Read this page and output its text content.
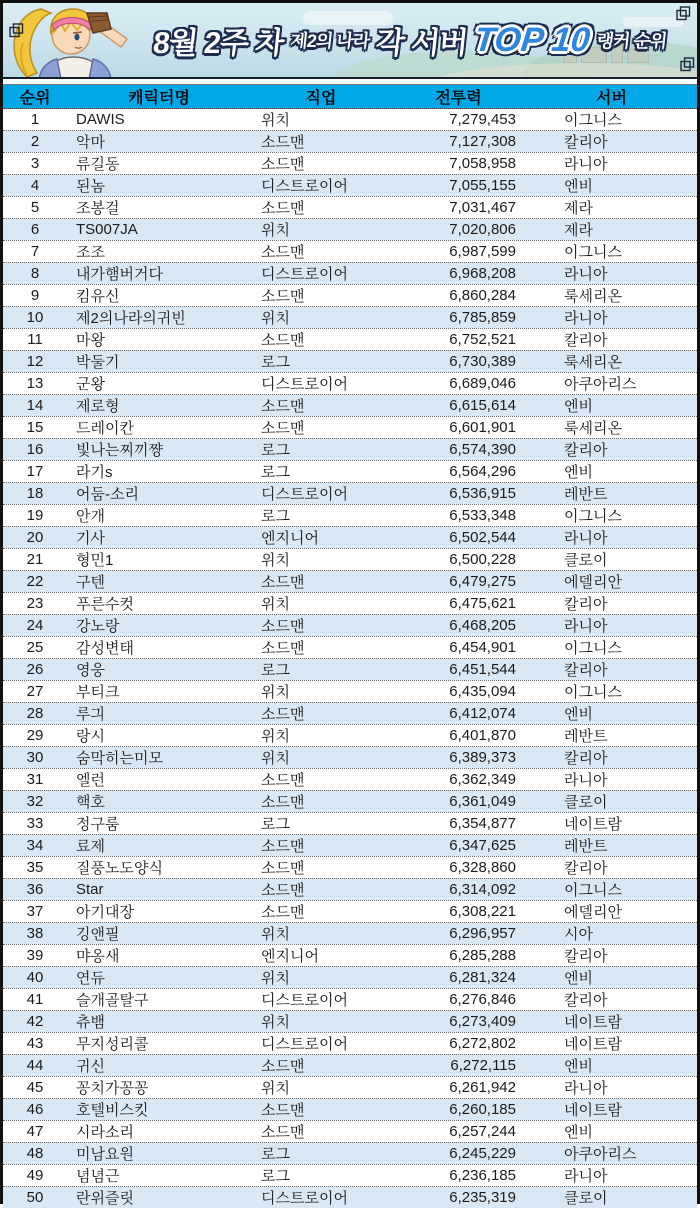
8월 2주 차 제2의 나라 각 서버 TOP 10 랭커 순위
순위	캐릭터명	직업	전투력	서버
1	DAWIS	위치	7,279,453	이그니스
2	악마	소드맨	7,127,308	칼리아
3	류길동	소드맨	7,058,958	라니아
4	된놈	디스트로이어	7,055,155	엔비
5	조봉걸	소드맨	7,031,467	제라
6	TS007JA	위치	7,020,806	제라
7	조조	소드맨	6,987,599	이그니스
8	내가햄버거다	디스트로이어	6,968,208	라니아
9	킴유신	소드맨	6,860,284	룩세리온
10	제2의나라의귀빈	위치	6,785,859	라니아
11	마왕	소드맨	6,752,521	칼리아
12	박둘기	로그	6,730,389	룩세리온
13	군왕	디스트로이어	6,689,046	아쿠아리스
14	제로형	소드맨	6,615,614	엔비
15	드레이칸	소드맨	6,601,901	룩세리온
16	빛나는찌끼쨩	로그	6,574,390	칼리아
17	라기s	로그	6,564,296	엔비
18	어둠-소리	디스트로이어	6,536,915	레반트
19	안개	로그	6,533,348	이그니스
20	기사	엔지니어	6,502,544	라니아
21	형민1	위치	6,500,228	클로이
22	구텐	소드맨	6,479,275	에델리안
23	푸른수컷	위치	6,475,621	칼리아
24	강노랑	소드맨	6,468,205	라니아
25	감성변태	소드맨	6,454,901	이그니스
26	영웅	로그	6,451,544	칼리아
27	부티크	위치	6,435,094	이그니스
28	루긔	소드맨	6,412,074	엔비
29	랑시	위치	6,401,870	레반트
30	숨막히는미모	위치	6,389,373	칼리아
31	엘런	소드맨	6,362,349	라니아
32	핵호	소드맨	6,361,049	클로이
33	정구룸	로그	6,354,877	네이트람
34	료제	소드맨	6,347,625	레반트
35	질풍노도양식	소드맨	6,328,860	칼리아
36	Star	소드맨	6,314,092	이그니스
37	아기대장	소드맨	6,308,221	에델리안
38	깅앤필	위치	6,296,957	시아
39	먀옹새	엔지니어	6,285,288	칼리아
40	연듀	위치	6,281,324	엔비
41	슬개골탈구	디스트로이어	6,276,846	칼리아
42	츄뱀	위치	6,273,409	네이트람
43	무지성리콜	디스트로이어	6,272,802	네이트람
44	귀신	소드맨	6,272,115	엔비
45	꽁치가꽁꽁	위치	6,261,942	라니아
46	호텔비스킷	소드맨	6,260,185	네이트람
47	시라소리	소드맨	6,257,244	엔비
48	미남요원	로그	6,245,229	아쿠아리스
49	념념근	로그	6,236,185	라니아
50	란위즐릿	디스트로이어	6,235,319	클로이
